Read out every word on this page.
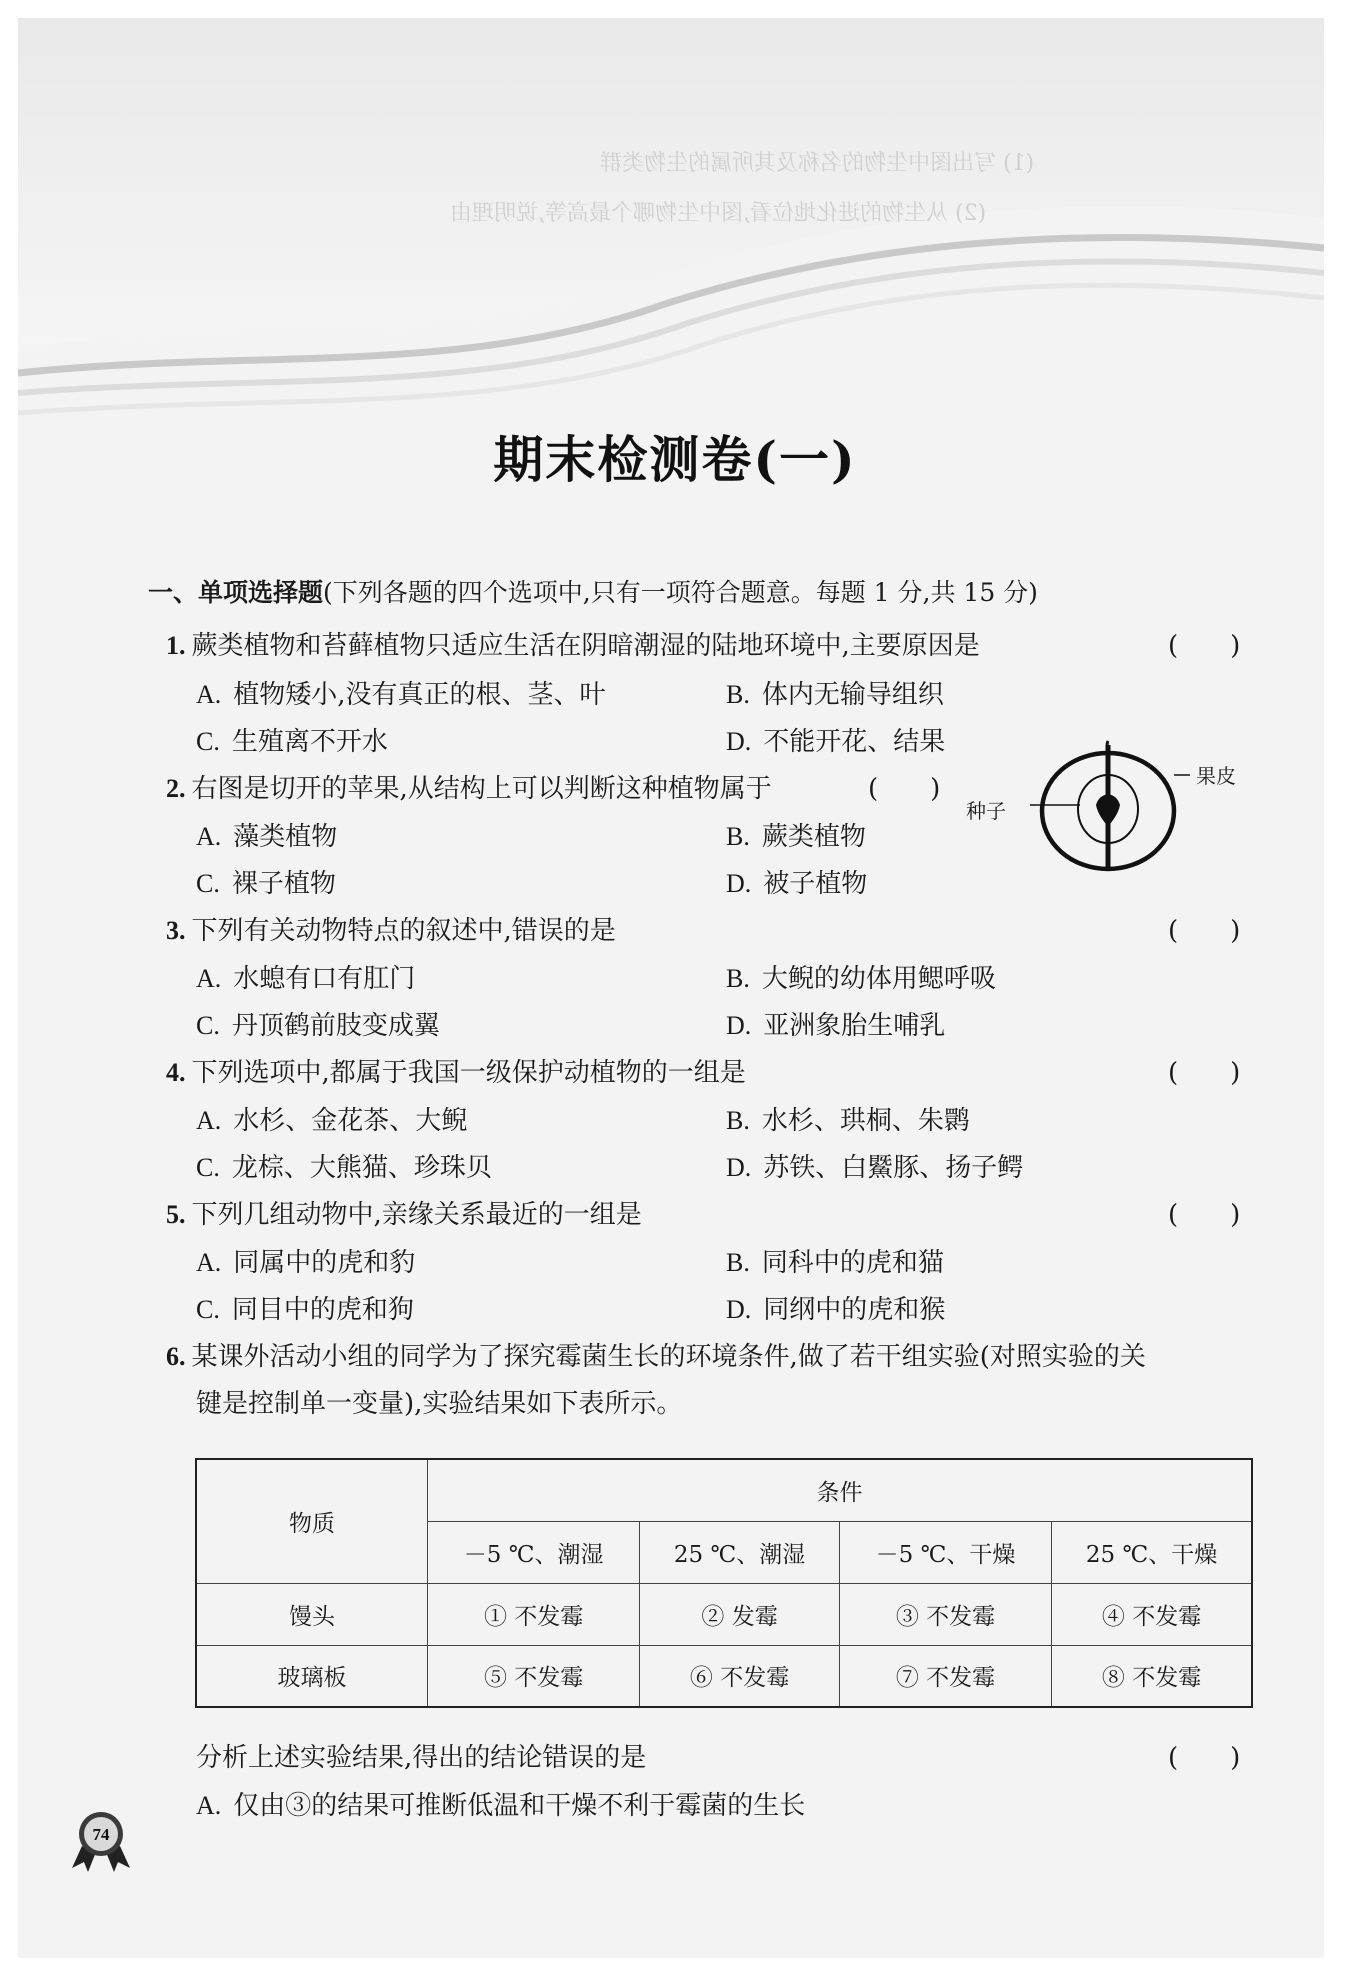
(1) 写出图中生物的名称及其所属的生物类群
(2) 从生物的进化地位看,图中生物哪个最高等,说明理由
期末检测卷(一)
一、单项选择题(下列各题的四个选项中,只有一项符合题意。每题 1 分,共 15 分)
1. 蕨类植物和苔藓植物只适应生活在阴暗潮湿的陆地环境中,主要原因是	(　　)
A. 植物矮小,没有真正的根、茎、叶	B. 体内无输导组织
C. 生殖离不开水	D. 不能开花、结果
2. 右图是切开的苹果,从结构上可以判断这种植物属于	(　　)
A. 藻类植物	B. 蕨类植物
C. 裸子植物	D. 被子植物
果皮
种子
3. 下列有关动物特点的叙述中,错误的是	(　　)
A. 水螅有口有肛门	B. 大鲵的幼体用鳃呼吸
C. 丹顶鹤前肢变成翼	D. 亚洲象胎生哺乳
4. 下列选项中,都属于我国一级保护动植物的一组是	(　　)
A. 水杉、金花茶、大鲵	B. 水杉、珙桐、朱鹮
C. 龙棕、大熊猫、珍珠贝	D. 苏铁、白鱀豚、扬子鳄
5. 下列几组动物中,亲缘关系最近的一组是	(　　)
A. 同属中的虎和豹	B. 同科中的虎和猫
C. 同目中的虎和狗	D. 同纲中的虎和猴
6. 某课外活动小组的同学为了探究霉菌生长的环境条件,做了若干组实验(对照实验的关
键是控制单一变量),实验结果如下表所示。
物质	条件			
	－5 ℃、潮湿	25 ℃、潮湿	－5 ℃、干燥	25 ℃、干燥
馒头	① 不发霉	② 发霉	③ 不发霉	④ 不发霉
玻璃板	⑤ 不发霉	⑥ 不发霉	⑦ 不发霉	⑧ 不发霉
分析上述实验结果,得出的结论错误的是	(　　)
A. 仅由③的结果可推断低温和干燥不利于霉菌的生长
74
